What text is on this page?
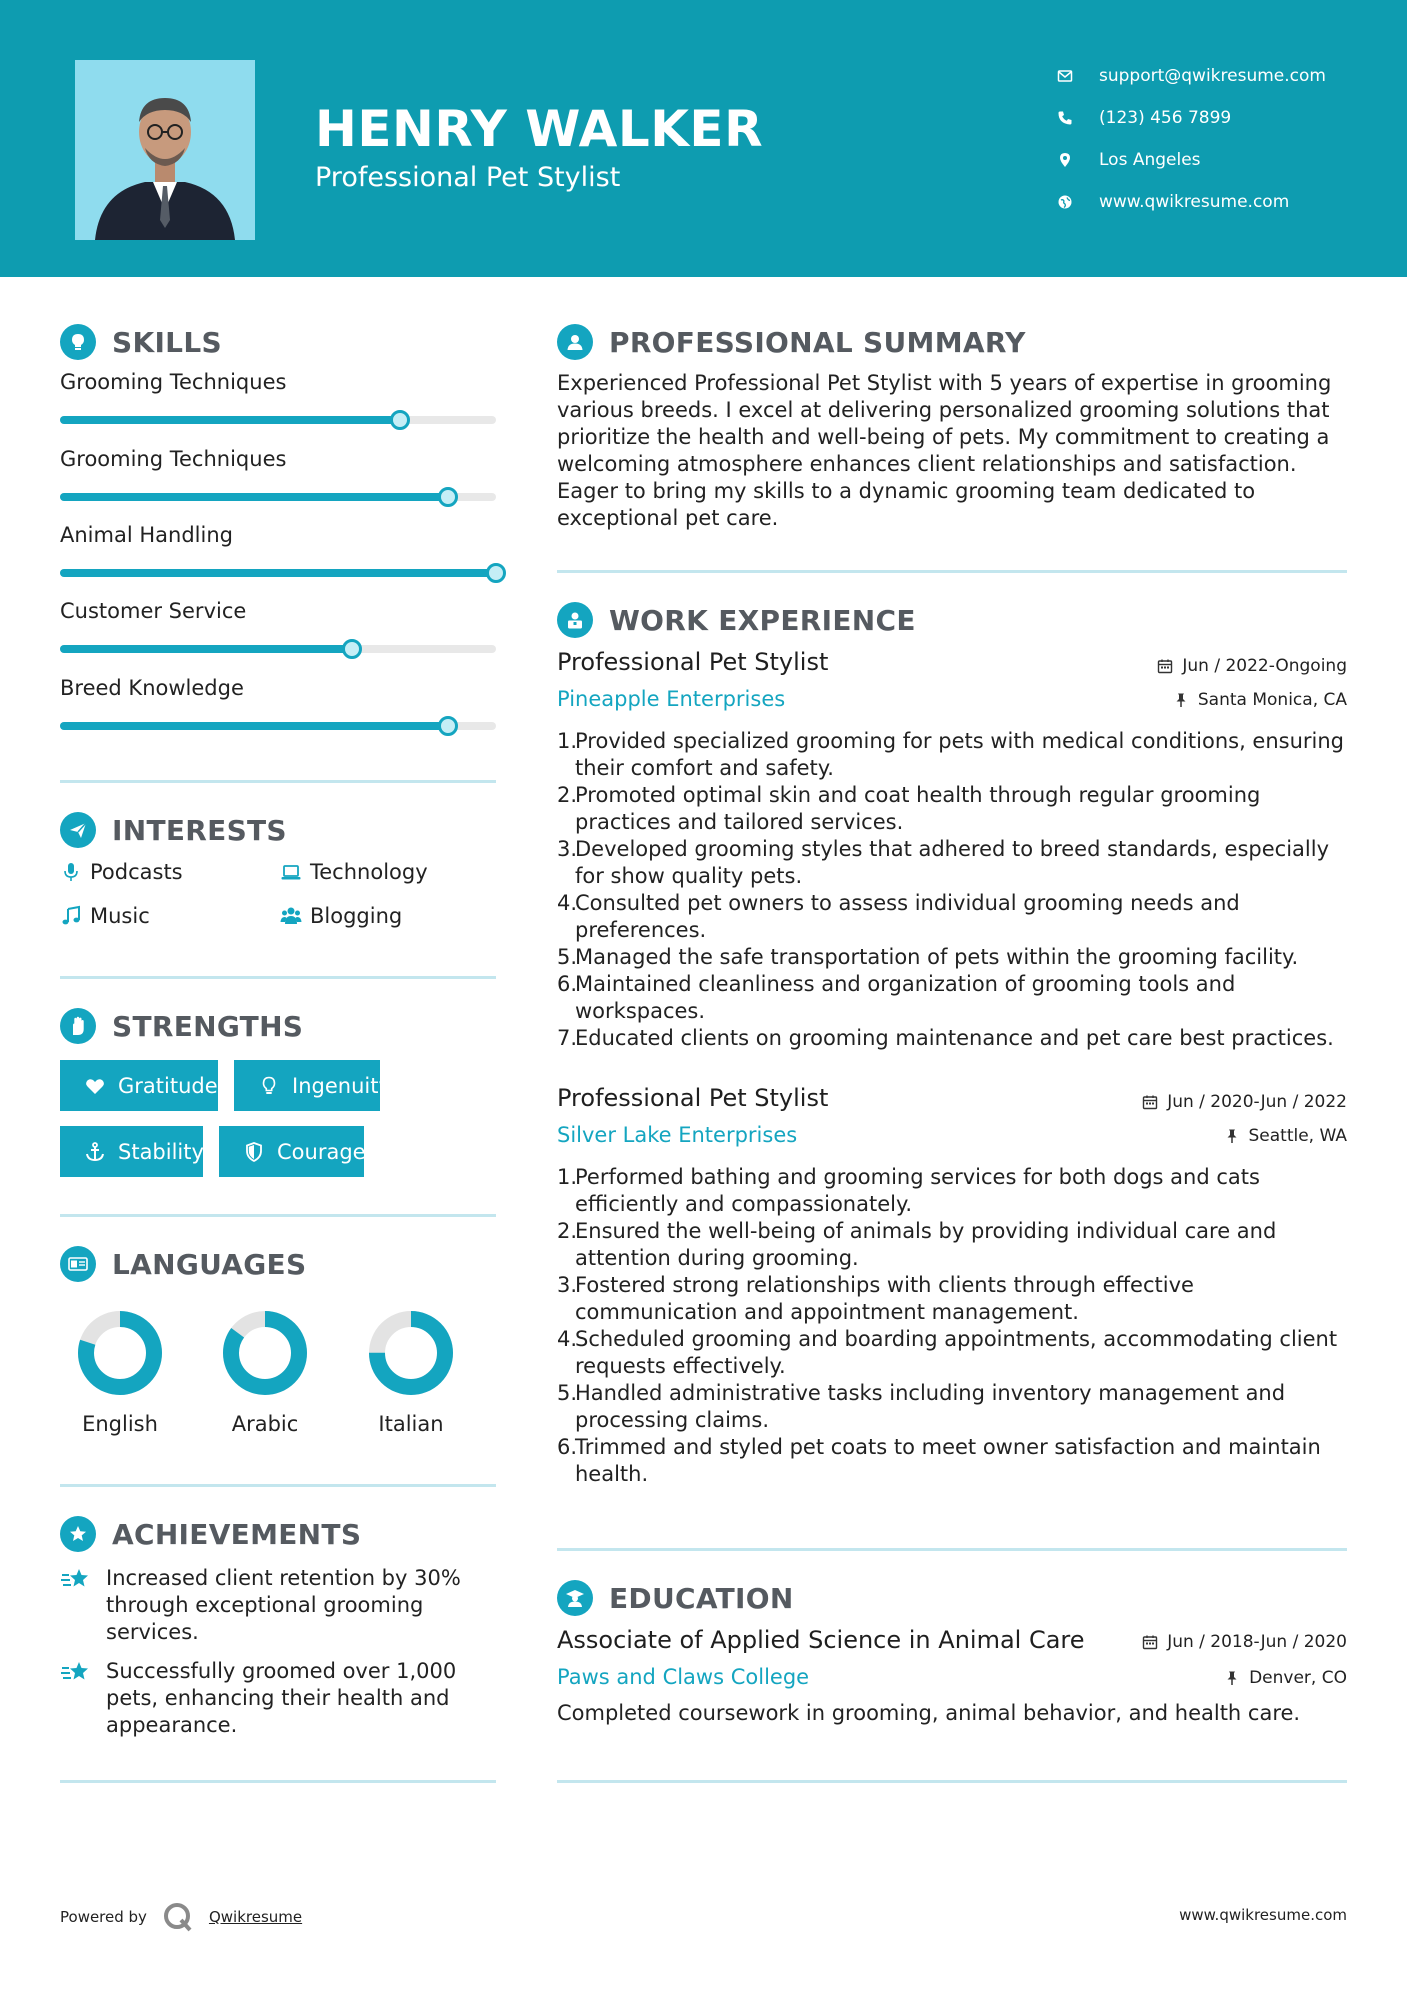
HENRY WALKER
Professional Pet Stylist
support@qwikresume.com
(123) 456 7899
Los Angeles
www.qwikresume.com
SKILLS
Grooming Techniques
Grooming Techniques
Animal Handling
Customer Service
Breed Knowledge
INTERESTS
Podcasts	Technology
Music	Blogging
STRENGTHS
Gratitude	Ingenuity
Stability	Courage
LANGUAGES
English	Arabic	Italian
ACHIEVEMENTS
Increased client retention by 30% through exceptional grooming services.
Successfully groomed over 1,000 pets, enhancing their health and appearance.
PROFESSIONAL SUMMARY
Experienced Professional Pet Stylist with 5 years of expertise in grooming various breeds. I excel at delivering personalized grooming solutions that prioritize the health and well-being of pets. My commitment to creating a welcoming atmosphere enhances client relationships and satisfaction. Eager to bring my skills to a dynamic grooming team dedicated to exceptional pet care.
WORK EXPERIENCE
Professional Pet Stylist	Jun / 2022-Ongoing
Pineapple Enterprises	Santa Monica, CA
1.
Provided specialized grooming for pets with medical conditions, ensuring their comfort and safety.
2.
Promoted optimal skin and coat health through regular grooming practices and tailored services.
3.
Developed grooming styles that adhered to breed standards, especially for show quality pets.
4.
Consulted pet owners to assess individual grooming needs and preferences.
5.
Managed the safe transportation of pets within the grooming facility.
6.
Maintained cleanliness and organization of grooming tools and workspaces.
7.
Educated clients on grooming maintenance and pet care best practices.
Professional Pet Stylist	Jun / 2020-Jun / 2022
Silver Lake Enterprises	Seattle, WA
1.
Performed bathing and grooming services for both dogs and cats efficiently and compassionately.
2.
Ensured the well-being of animals by providing individual care and attention during grooming.
3.
Fostered strong relationships with clients through effective communication and appointment management.
4.
Scheduled grooming and boarding appointments, accommodating client requests effectively.
5.
Handled administrative tasks including inventory management and processing claims.
6.
Trimmed and styled pet coats to meet owner satisfaction and maintain health.
EDUCATION
Associate of Applied Science in Animal Care	Jun / 2018-Jun / 2020
Paws and Claws College	Denver, CO
Completed coursework in grooming, animal behavior, and health care.
Powered by	Qwikresume	www.qwikresume.com
